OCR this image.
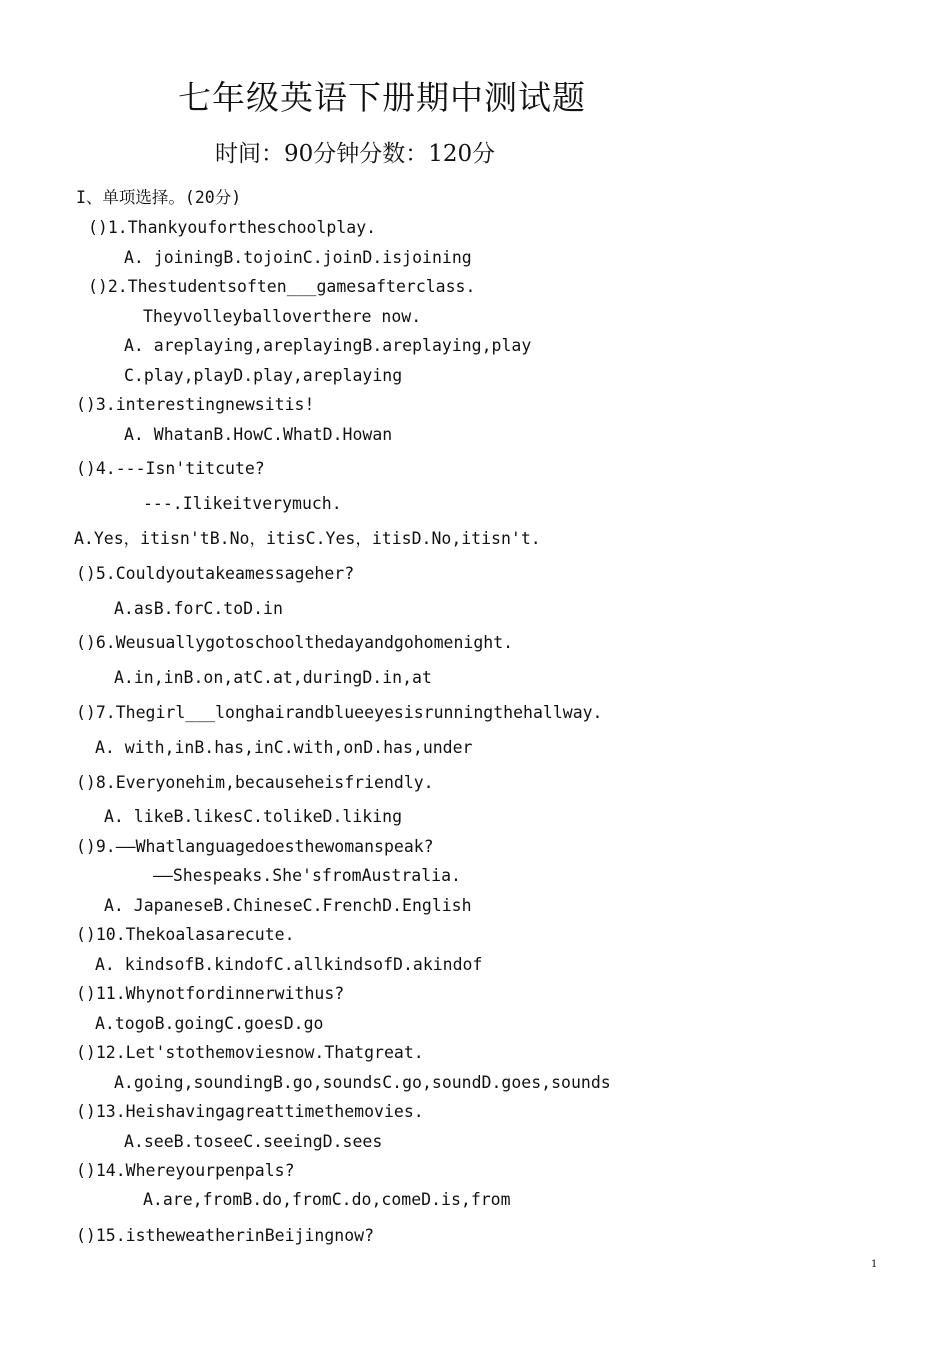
七年级英语下册期中测试题
时间：90分钟分数：120分
I、单项选择。(20分)
()1.Thankyoufortheschoolplay.
A. joiningB.tojoinC.joinD.isjoining
()2.Thestudentsoften___gamesafterclass.
Theyvolleyballoverthere now.
A. areplaying,areplayingB.areplaying,play
C.play,playD.play,areplaying
()3.interestingnewsitis!
A. WhatanB.HowC.WhatD.Howan
()4.---Isn'titcute?
---.Ilikeitverymuch.
A.Yes，itisn'tB.No，itisC.Yes，itisD.No,itisn't.
()5.Couldyoutakeamessageher?
A.asB.forC.toD.in
()6.Weusuallygotoschoolthedayandgohomenight.
A.in,inB.on,atC.at,duringD.in,at
()7.Thegirl___longhairandblueeyesisrunningthehallway.
A. with,inB.has,inC.with,onD.has,under
()8.Everyonehim,becauseheisfriendly.
A. likeB.likesC.tolikeD.liking
()9.——Whatlanguagedoesthewomanspeak?
——Shespeaks.She'sfromAustralia.
A. JapaneseB.ChineseC.FrenchD.English
()10.Thekoalasarecute.
A. kindsofB.kindofC.allkindsofD.akindof
()11.Whynotfordinnerwithus?
A.togoB.goingC.goesD.go
()12.Let'stothemoviesnow.Thatgreat.
A.going,soundingB.go,soundsC.go,soundD.goes,sounds
()13.Heishavingagreattimethemovies.
A.seeB.toseeC.seeingD.sees
()14.Whereyourpenpals?
A.are,fromB.do,fromC.do,comeD.is,from
()15.istheweatherinBeijingnow?
1
